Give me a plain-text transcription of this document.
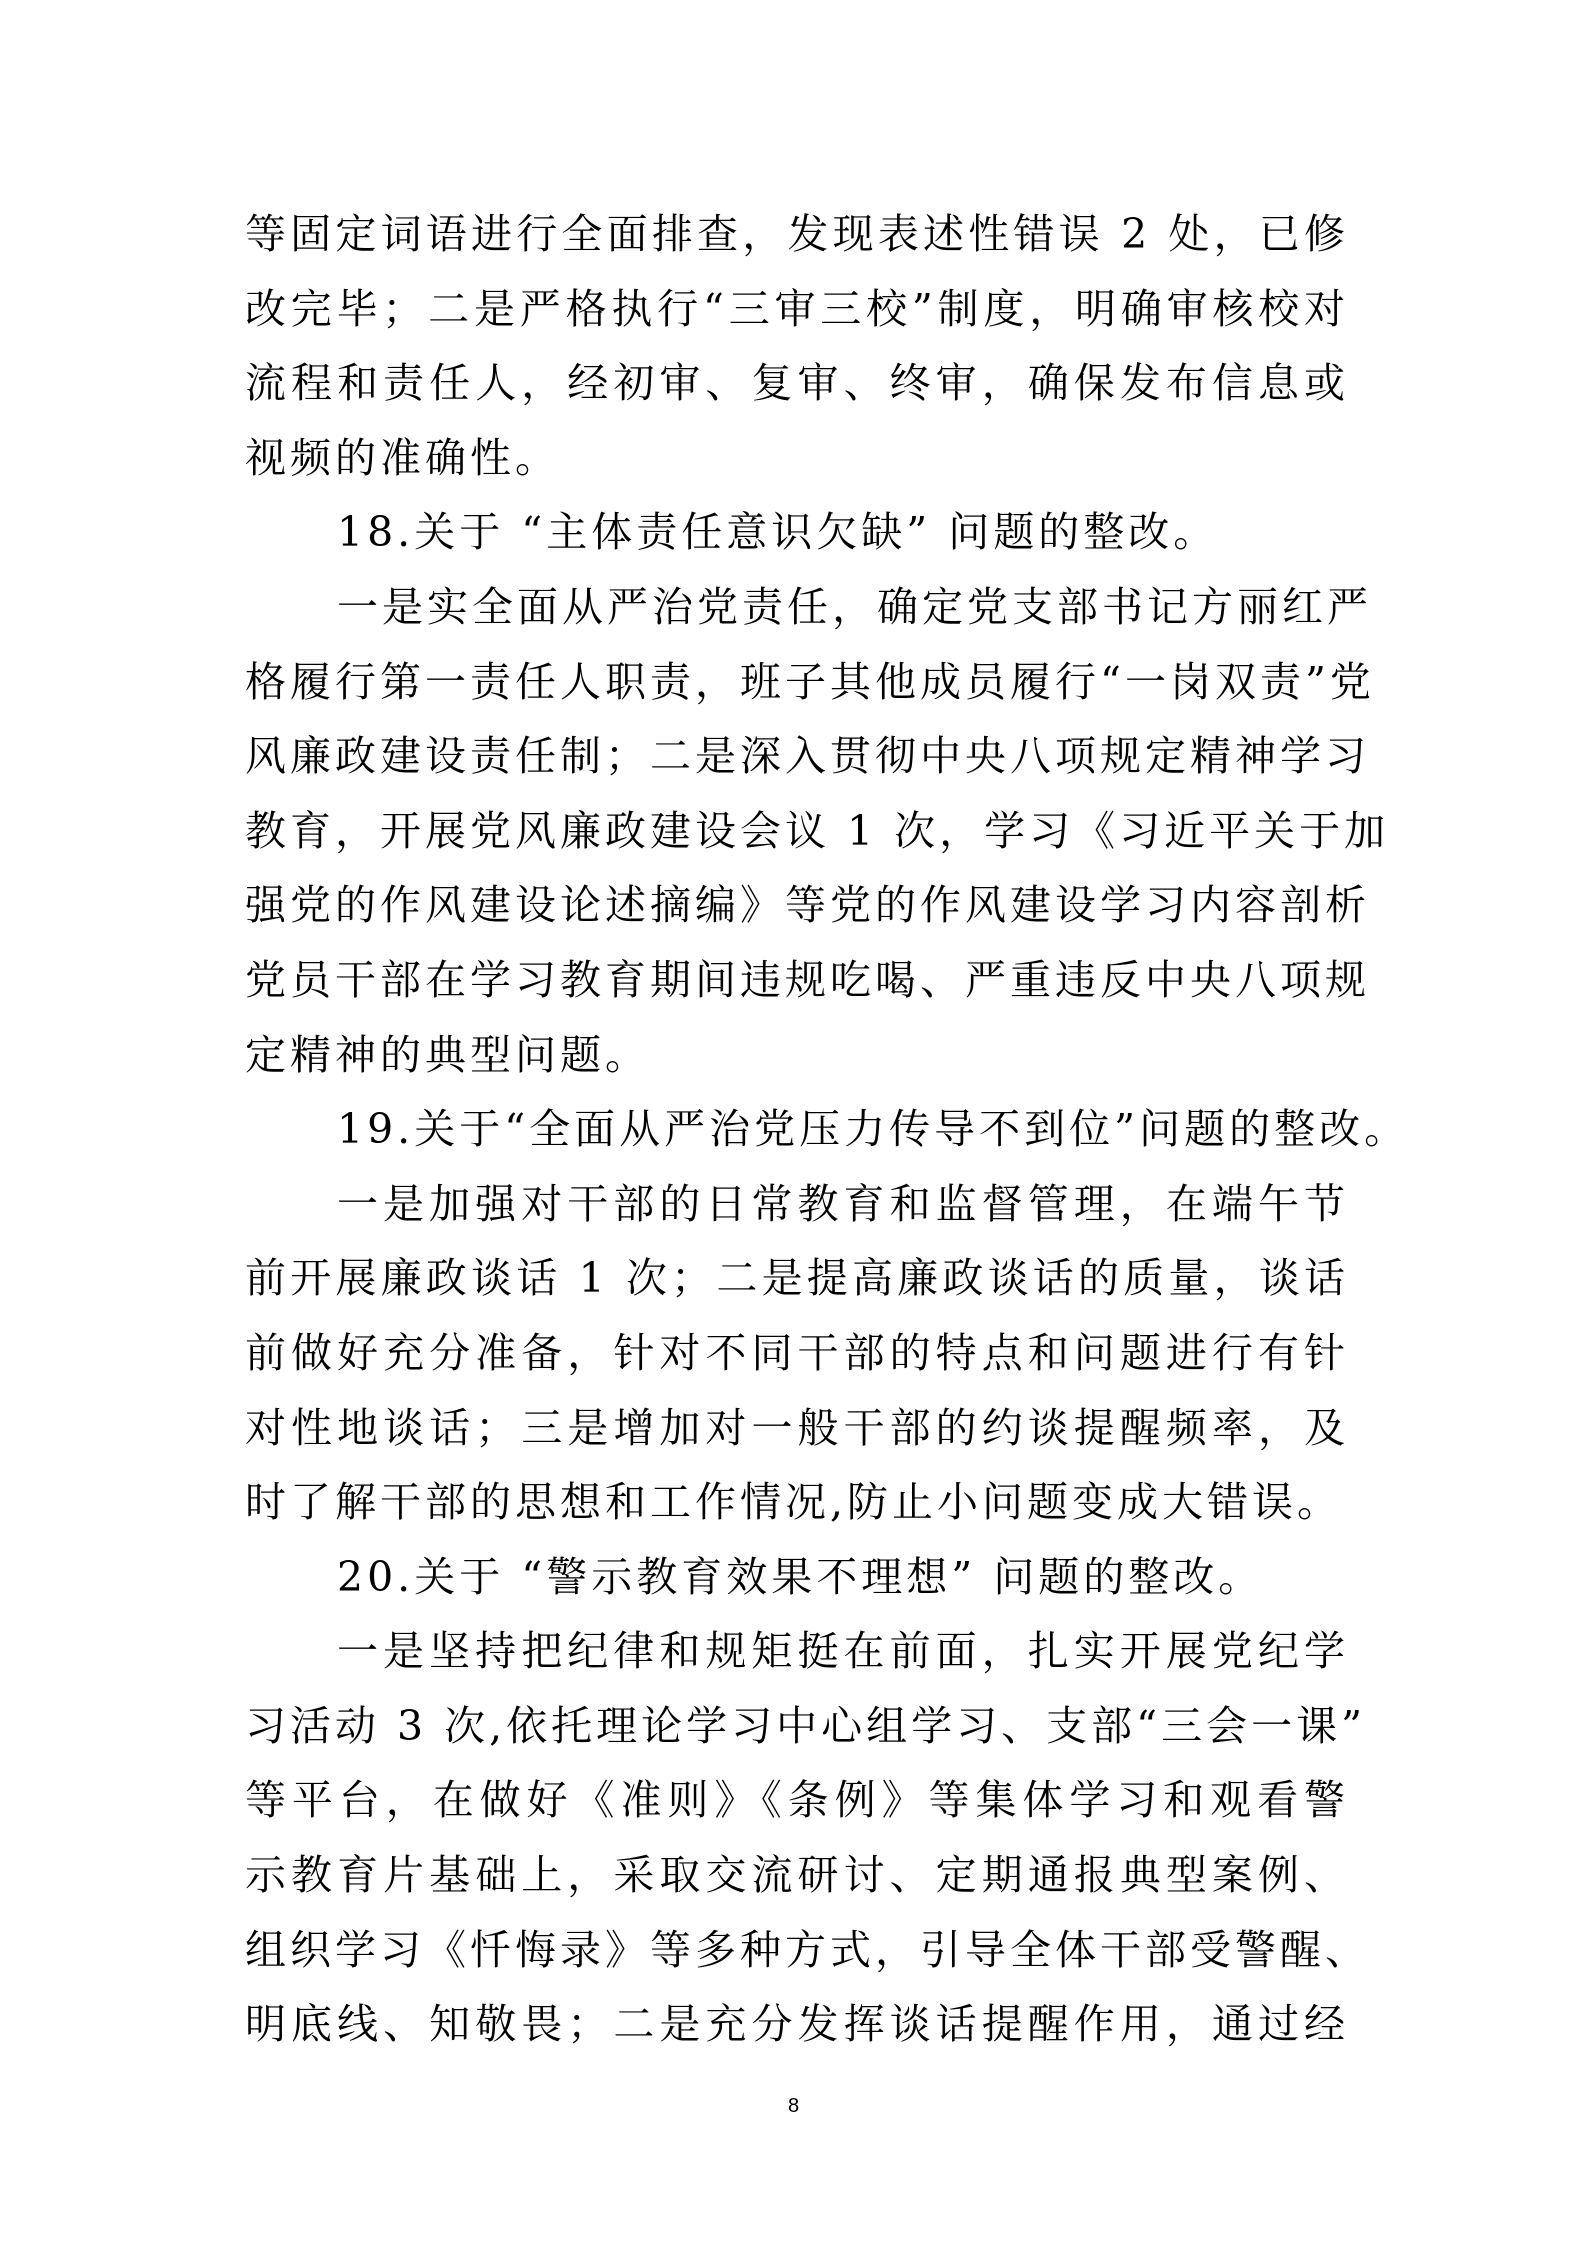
等固定词语进行全面排查，发现表述性错误 2 处，已修
改完毕；二是严格执行“三审三校”制度，明确审核校对
流程和责任人，经初审、复审、终审，确保发布信息或
视频的准确性。
18.关于 “主体责任意识欠缺” 问题的整改。
一是实全面从严治党责任，确定党支部书记方丽红严
格履行第一责任人职责，班子其他成员履行“一岗双责”党
风廉政建设责任制；二是深入贯彻中央八项规定精神学习
教育，开展党风廉政建设会议 1 次，学习《习近平关于加
强党的作风建设论述摘编》等党的作风建设学习内容剖析
党员干部在学习教育期间违规吃喝、严重违反中央八项规
定精神的典型问题。
19.关于“全面从严治党压力传导不到位”问题的整改。
一是加强对干部的日常教育和监督管理，在端午节
前开展廉政谈话 1 次；二是提高廉政谈话的质量，谈话
前做好充分准备，针对不同干部的特点和问题进行有针
对性地谈话；三是增加对一般干部的约谈提醒频率，及
时了解干部的思想和工作情况,防止小问题变成大错误。
20.关于 “警示教育效果不理想” 问题的整改。
一是坚持把纪律和规矩挺在前面，扎实开展党纪学
习活动 3 次,依托理论学习中心组学习、支部“三会一课”
等平台，在做好《准则》《条例》等集体学习和观看警
示教育片基础上，采取交流研讨、定期通报典型案例、
组织学习《忏悔录》等多种方式，引导全体干部受警醒、
明底线、知敬畏；二是充分发挥谈话提醒作用，通过经
8
